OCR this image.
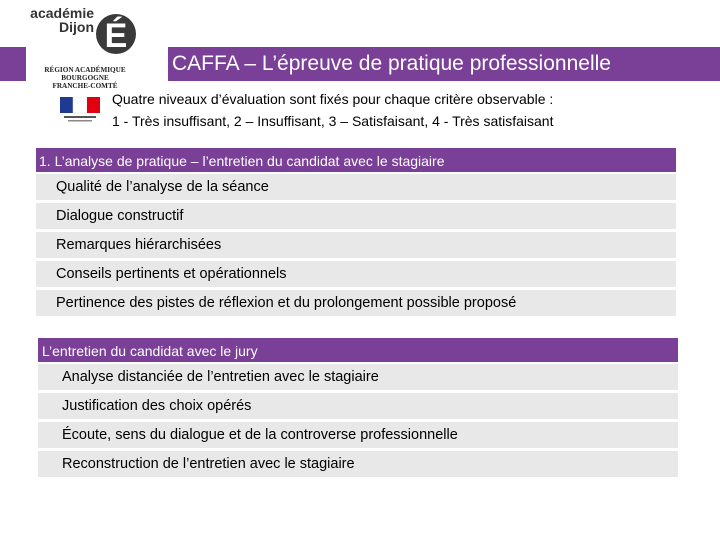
académie
Dijon É
RÉGION ACADÉMIQUE
BOURGOGNE
FRANCHE-COMTÉ
CAFFA – L’épreuve de pratique professionnelle
Quatre niveaux d’évaluation sont fixés pour chaque critère observable :
1 - Très insuffisant, 2 – Insuffisant, 3 – Satisfaisant, 4 - Très satisfaisant
1. L’analyse de pratique – l’entretien du candidat avec le stagiaire
Qualité de l’analyse de la séance
Dialogue constructif
Remarques hiérarchisées
Conseils pertinents et opérationnels
Pertinence des pistes de réflexion et du prolongement possible proposé
L’entretien du candidat avec le jury
Analyse distanciée de l’entretien avec le stagiaire
Justification des choix opérés
Écoute, sens du dialogue et de la controverse professionnelle
Reconstruction de l’entretien avec le stagiaire
